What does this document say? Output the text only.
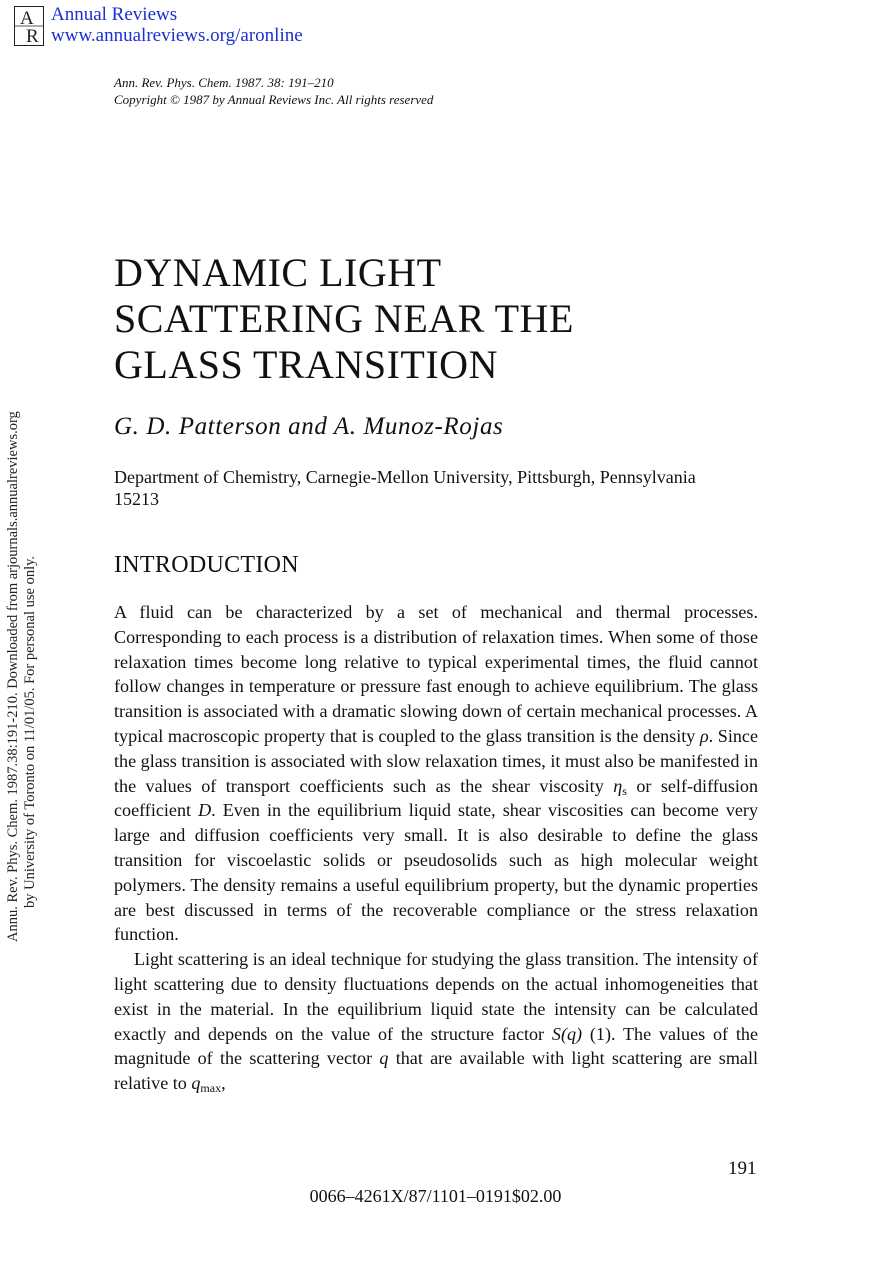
A
R
Annual Reviews
www.annualreviews.org/aronline
Annu. Rev. Phys. Chem. 1987.38:191-210. Downloaded from arjournals.annualreviews.org by University of Toronto on 11/01/05. For personal use only.
Ann. Rev. Phys. Chem. 1987. 38: 191–210
Copyright © 1987 by Annual Reviews Inc. All rights reserved
DYNAMIC LIGHT
SCATTERING NEAR THE
GLASS TRANSITION
G. D. Patterson and A. Munoz-Rojas
Department of Chemistry, Carnegie-Mellon University, Pittsburgh, Pennsylvania 15213
INTRODUCTION

A fluid can be characterized by a set of mechanical and thermal processes. Corresponding to each process is a distribution of relaxation times. When some of those relaxation times become long relative to typical experimental times, the fluid cannot follow changes in temperature or pressure fast enough to achieve equilibrium. The glass transition is associated with a dramatic slowing down of certain mechanical processes. A typical macroscopic property that is coupled to the glass transition is the density ρ. Since the glass transition is associated with slow relaxation times, it must also be manifested in the values of transport coefficients such as the shear viscosity $\eta_s$ or self-diffusion coefficient D. Even in the equilibrium liquid state, shear viscosities can become very large and diffusion coefficients very small. It is also desirable to define the glass transition for viscoelastic solids or pseudosolids such as high molecular weight polymers. The density remains a useful equilibrium property, but the dynamic properties are best discussed in terms of the recoverable compliance or the stress relaxation function.

Light scattering is an ideal technique for studying the glass transition. The intensity of light scattering due to density fluctuations depends on the actual inhomogeneities that exist in the material. In the equilibrium liquid state the intensity can be calculated exactly and depends on the value of the structure factor S(q) (1). The values of the magnitude of the scattering vector q that are available with light scattering are small relative to $q_{max}$,

191
0066–4261X/87/1101–0191$02.00
